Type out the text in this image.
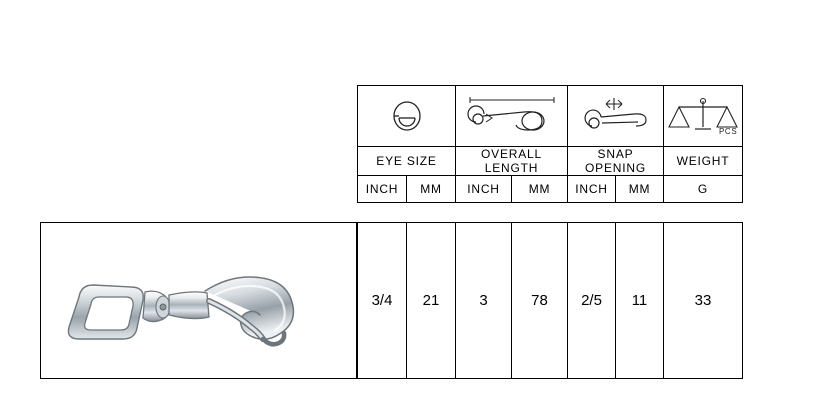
PCS

EYE SIZE		OVERALL LENGTH		SNAP OPENING		WEIGHT
INCH	MM	INCH	MM	INCH	MM	G
3/4	21	3	78	2/5	11	33
